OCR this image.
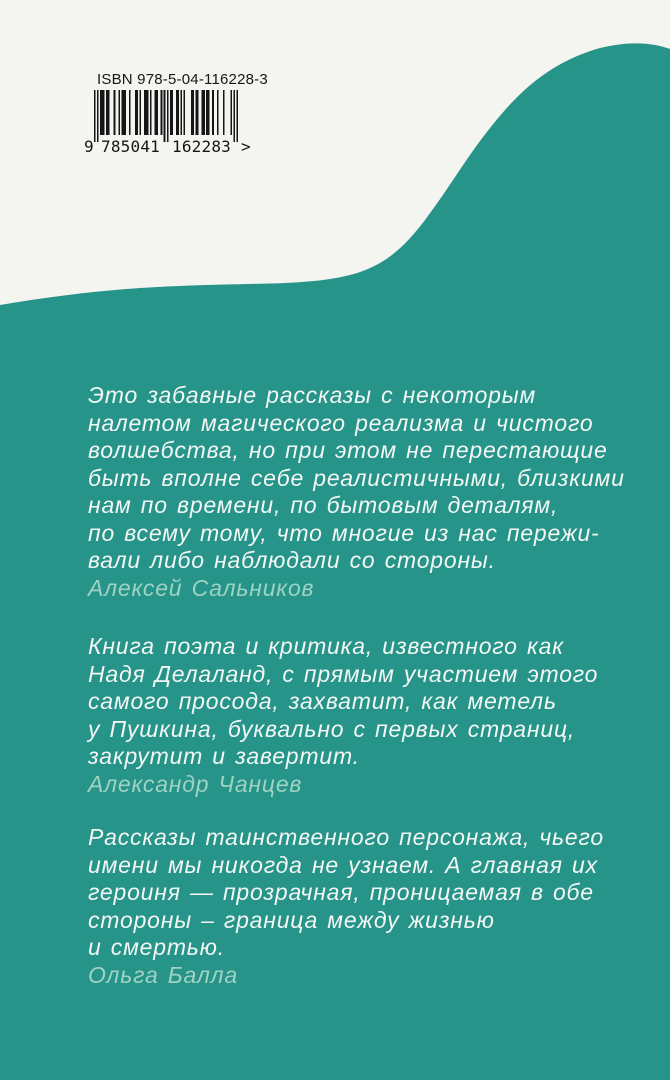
ISBN 978-5-04-116228-3

9 785041 162283 >
Это забавные рассказы с некоторым
налетом магического реализма и чистого
волшебства, но при этом не перестающие
быть вполне себе реалистичными, близкими
нам по времени, по бытовым деталям,
по всему тому, что многие из нас пережи-
вали либо наблюдали со стороны.
Алексей Сальников
Книга поэта и критика, известного как
Надя Делаланд, с прямым участием этого
самого просода, захватит, как метель
у Пушкина, буквально с первых страниц,
закрутит и завертит.
Александр Чанцев
Рассказы таинственного персонажа, чьего
имени мы никогда не узнаем. А главная их
героиня — прозрачная, проницаемая в обе
стороны – граница между жизнью
и смертью.
Ольга Балла
